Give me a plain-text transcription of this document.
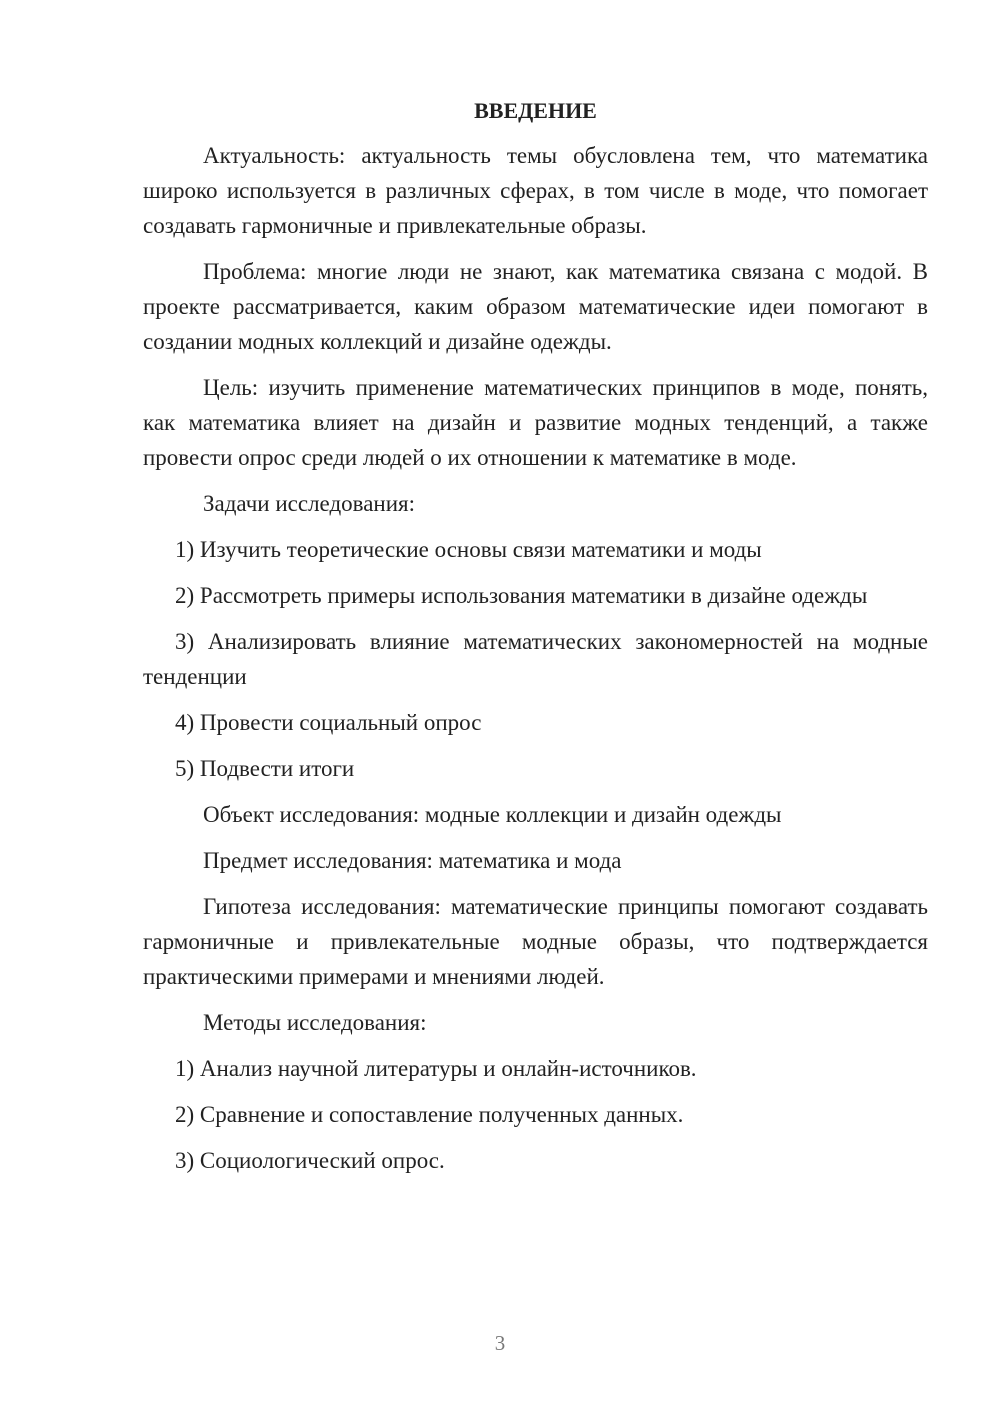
ВВЕДЕНИЕ
Актуальность: актуальность темы обусловлена тем, что математика широко используется в различных сферах, в том числе в моде, что помогает создавать гармоничные и привлекательные образы.
Проблема: многие люди не знают, как математика связана с модой. В проекте рассматривается, каким образом математические идеи помогают в создании модных коллекций и дизайне одежды.
Цель: изучить применение математических принципов в моде, понять, как математика влияет на дизайн и развитие модных тенденций, а также провести опрос среди людей о их отношении к математике в моде.
Задачи исследования:
1) Изучить теоретические основы связи математики и моды
2) Рассмотреть примеры использования математики в дизайне одежды
3) Анализировать влияние математических закономерностей на модные тенденции
4) Провести социальный опрос
5) Подвести итоги
Объект исследования: модные коллекции и дизайн одежды
Предмет исследования: математика и мода
Гипотеза исследования: математические принципы помогают создавать гармоничные и привлекательные модные образы, что подтверждается практическими примерами и мнениями людей.
Методы исследования:
1) Анализ научной литературы и онлайн-источников.
2) Сравнение и сопоставление полученных данных.
3) Социологический опрос.
3
